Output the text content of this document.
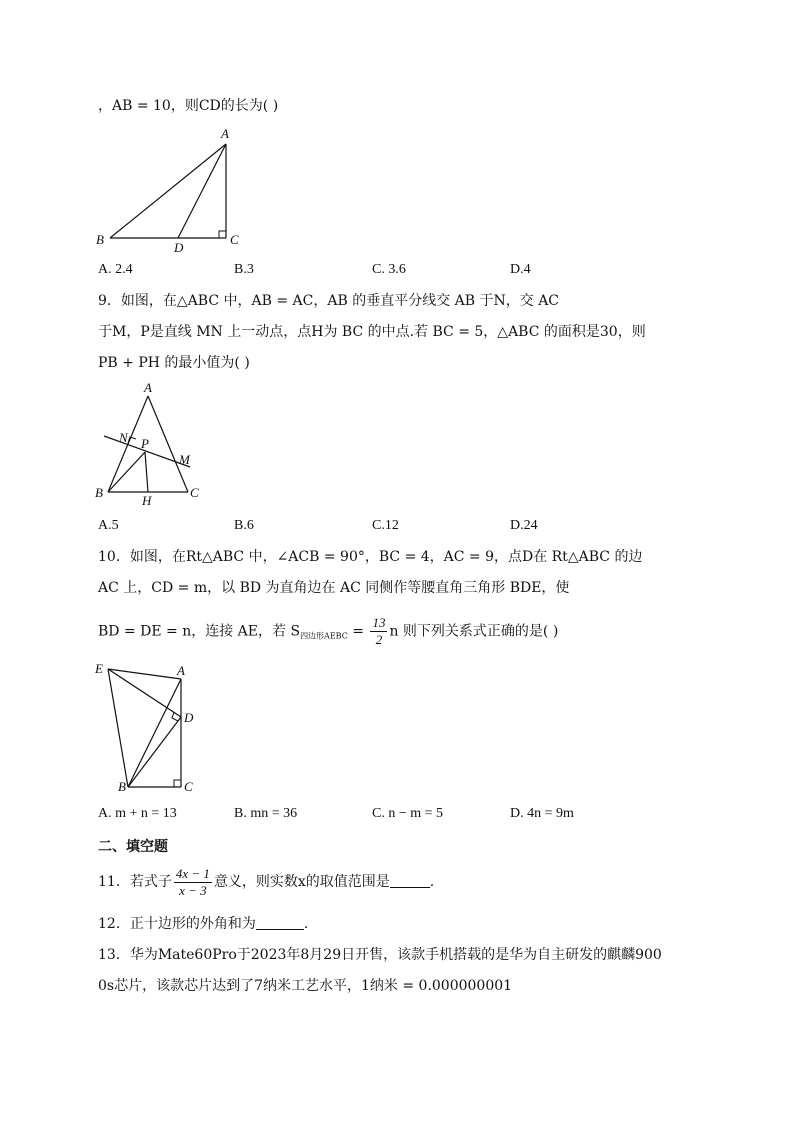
，AB = 10，则CD的长为( )
A
B	C
D
A. 2.4	B.3	C. 3.6	D.4
9．如图，在△ABC 中，AB = AC，AB 的垂直平分线交 AB 于N，交 AC
于M，P是直线 MN 上一动点，点H为 BC 的中点.若 BC = 5，△ABC 的面积是30，则
PB + PH 的最小值为( )
A
N P
M
B
H
C
A.5	B.6	C.12	D.24
10．如图，在Rt△ABC 中，∠ACB = 90°，BC = 4，AC = 9，点D在 Rt△ABC 的边
AC 上，CD = m，以 BD 为直角边在 AC 同侧作等腰直角三角形 BDE，使
BD = DE = n，连接 AE，若 $S_{四边形AEBC} = \frac{13}{2}$ n 则下列关系式正确的是( )
E	A
D
B	C
A. m + n = 13	B. mn = 36	C. n − m = 5	D. 4n = 9m
二、填空题
11．若式子 $\frac{4x - 1}{x - 3}$ 意义，则实数x的取值范围是	.
12．正十边形的外角和为	.
13．华为Mate60Pro于2023年8月29日开售，该款手机搭载的是华为自主研发的麒麟900
0s芯片，该款芯片达到了7纳米工艺水平，1纳米 = 0.000000001
